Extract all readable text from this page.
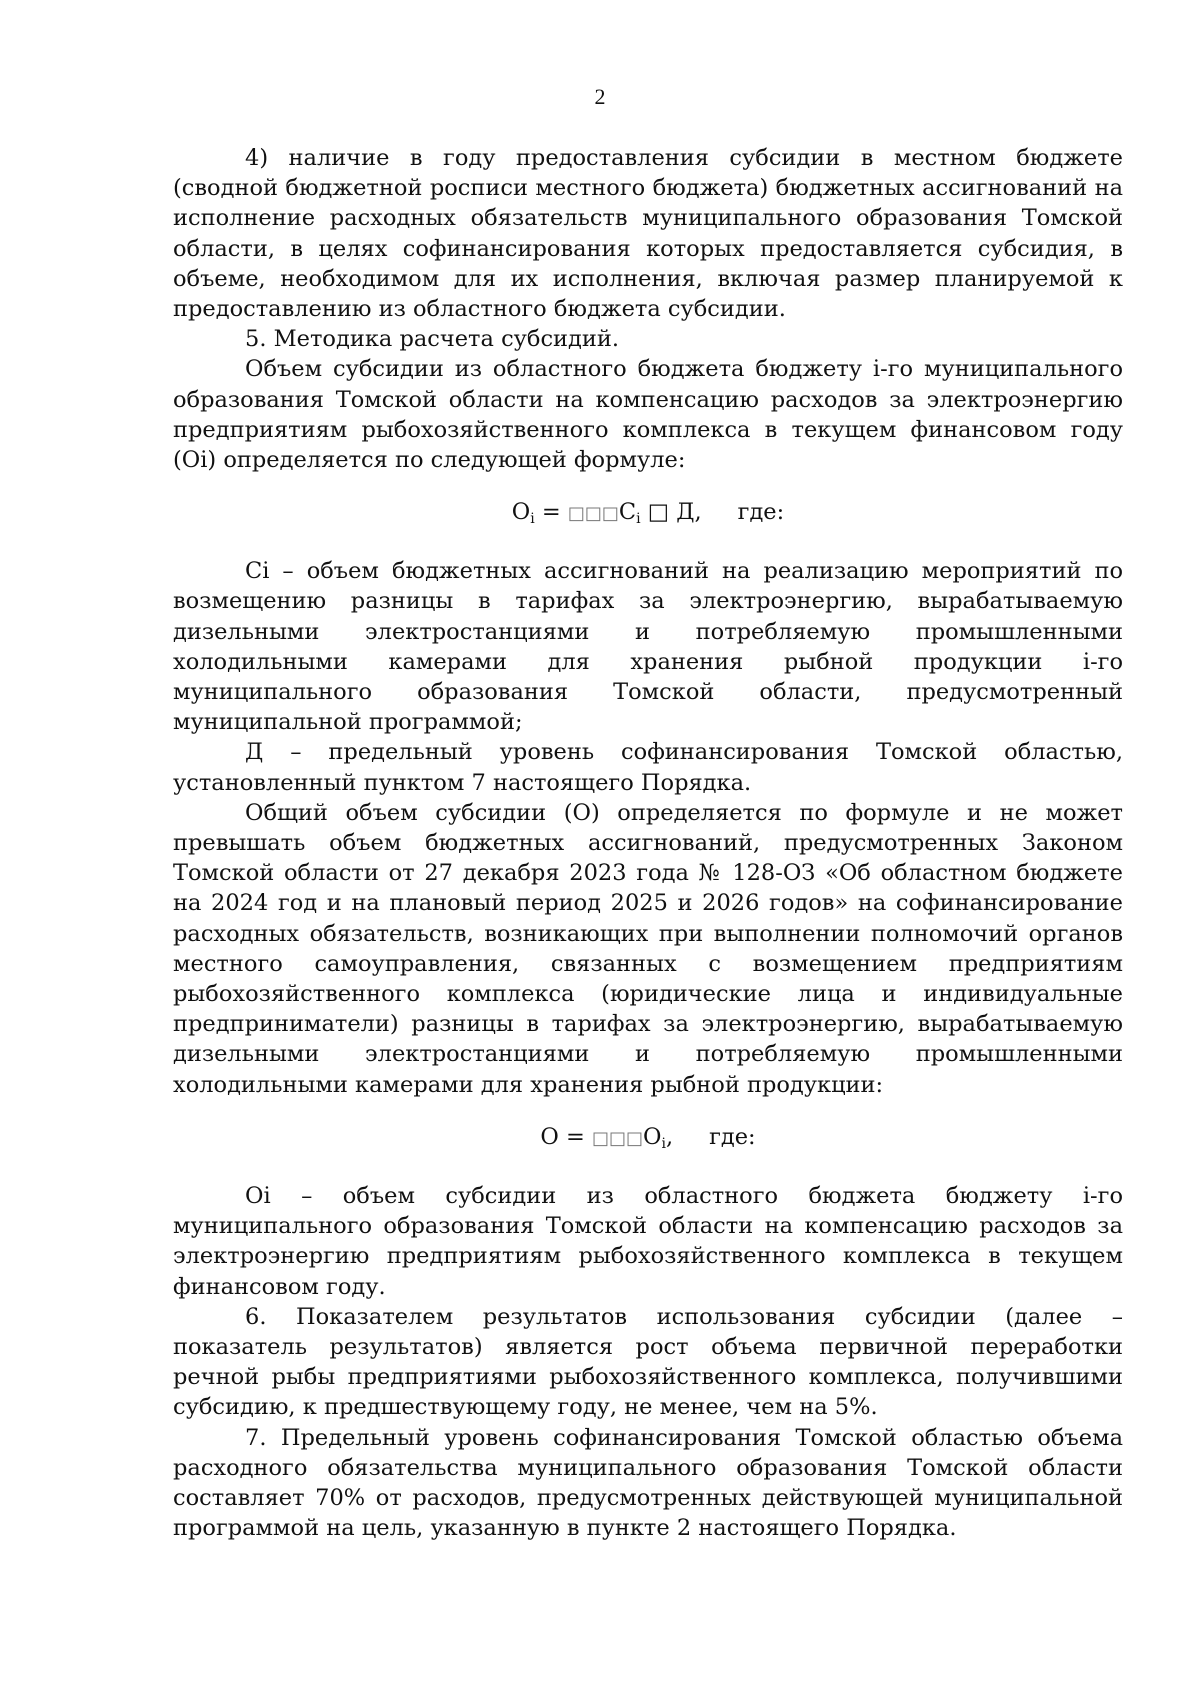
2

4) наличие в году предоставления субсидии в местном бюджете (сводной бюджетной росписи местного бюджета) бюджетных ассигнований на исполнение расходных обязательств муниципального образования Томской области, в целях софинансирования которых предоставляется субсидия, в объеме, необходимом для их исполнения, включая размер планируемой к предоставлению из областного бюджета субсидии.

5. Методика расчета субсидий.

Объем субсидии из областного бюджета бюджету i-го муниципального образования Томской области на компенсацию расходов за электроэнергию предприятиям рыбохозяйственного комплекса в текущем финансовом году (Оi) определяется по следующей формуле:

$О_i$ = $□□□С_i$ □ Д, где:

Сi – объем бюджетных ассигнований на реализацию мероприятий по возмещению разницы в тарифах за электроэнергию, вырабатываемую дизельными электростанциями и потребляемую промышленными холодильными камерами для хранения рыбной продукции i-го муниципального образования Томской области, предусмотренный муниципальной программой;

Д – предельный уровень софинансирования Томской областью, установленный пунктом 7 настоящего Порядка.

Общий объем субсидии (О) определяется по формуле и не может превышать объем бюджетных ассигнований, предусмотренных Законом Томской области от 27 декабря 2023 года № 128-ОЗ «Об областном бюджете на 2024 год и на плановый период 2025 и 2026 годов» на софинансирование расходных обязательств, возникающих при выполнении полномочий органов местного самоуправления, связанных с возмещением предприятиям рыбохозяйственного комплекса (юридические лица и индивидуальные предприниматели) разницы в тарифах за электроэнергию, вырабатываемую дизельными электростанциями и потребляемую промышленными холодильными камерами для хранения рыбной продукции:

$О = □□□О_i$, где:

Оi – объем субсидии из областного бюджета бюджету i-го муниципального образования Томской области на компенсацию расходов за электроэнергию предприятиям рыбохозяйственного комплекса в текущем финансовом году.

6. Показателем результатов использования субсидии (далее – показатель результатов) является рост объема первичной переработки речной рыбы предприятиями рыбохозяйственного комплекса, получившими субсидию, к предшествующему году, не менее, чем на 5%.

7. Предельный уровень софинансирования Томской областью объема расходного обязательства муниципального образования Томской области составляет 70% от расходов, предусмотренных действующей муниципальной программой на цель, указанную в пункте 2 настоящего Порядка.
